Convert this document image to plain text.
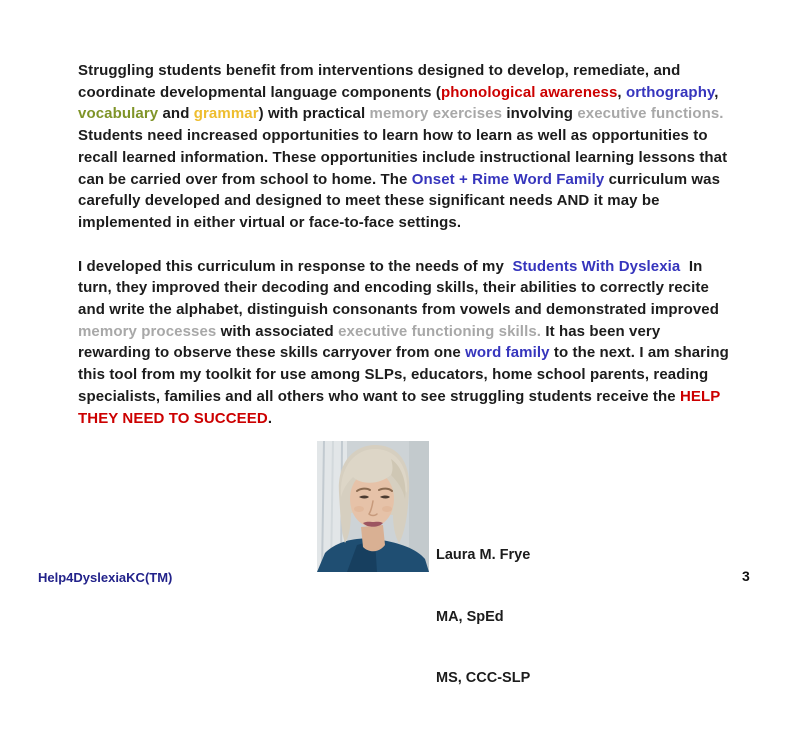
Struggling students benefit from interventions designed to develop, remediate, and coordinate developmental language components (phonological awareness, orthography, vocabulary and grammar) with practical memory exercises involving executive functions. Students need increased opportunities to learn how to learn as well as opportunities to recall learned information. These opportunities include instructional learning lessons that can be carried over from school to home. The Onset + Rime Word Family curriculum was carefully developed and designed to meet these significant needs AND it may be implemented in either virtual or face-to-face settings.

I developed this curriculum in response to the needs of my  Students With Dyslexia  In turn, they improved their decoding and encoding skills, their abilities to correctly recite and write the alphabet, distinguish consonants from vowels and demonstrated improved memory processes with associated executive functioning skills. It has been very rewarding to observe these skills carryover from one word family to the next. I am sharing this tool from my toolkit for use among SLPs, educators, home school parents, reading specialists, families and all others who want to see struggling students receive the HELP THEY NEED TO SUCCEED.

Laura M. Frye

MA, SpEd

MS, CCC-SLP

Help4DyslexiaKC(TM)	3
